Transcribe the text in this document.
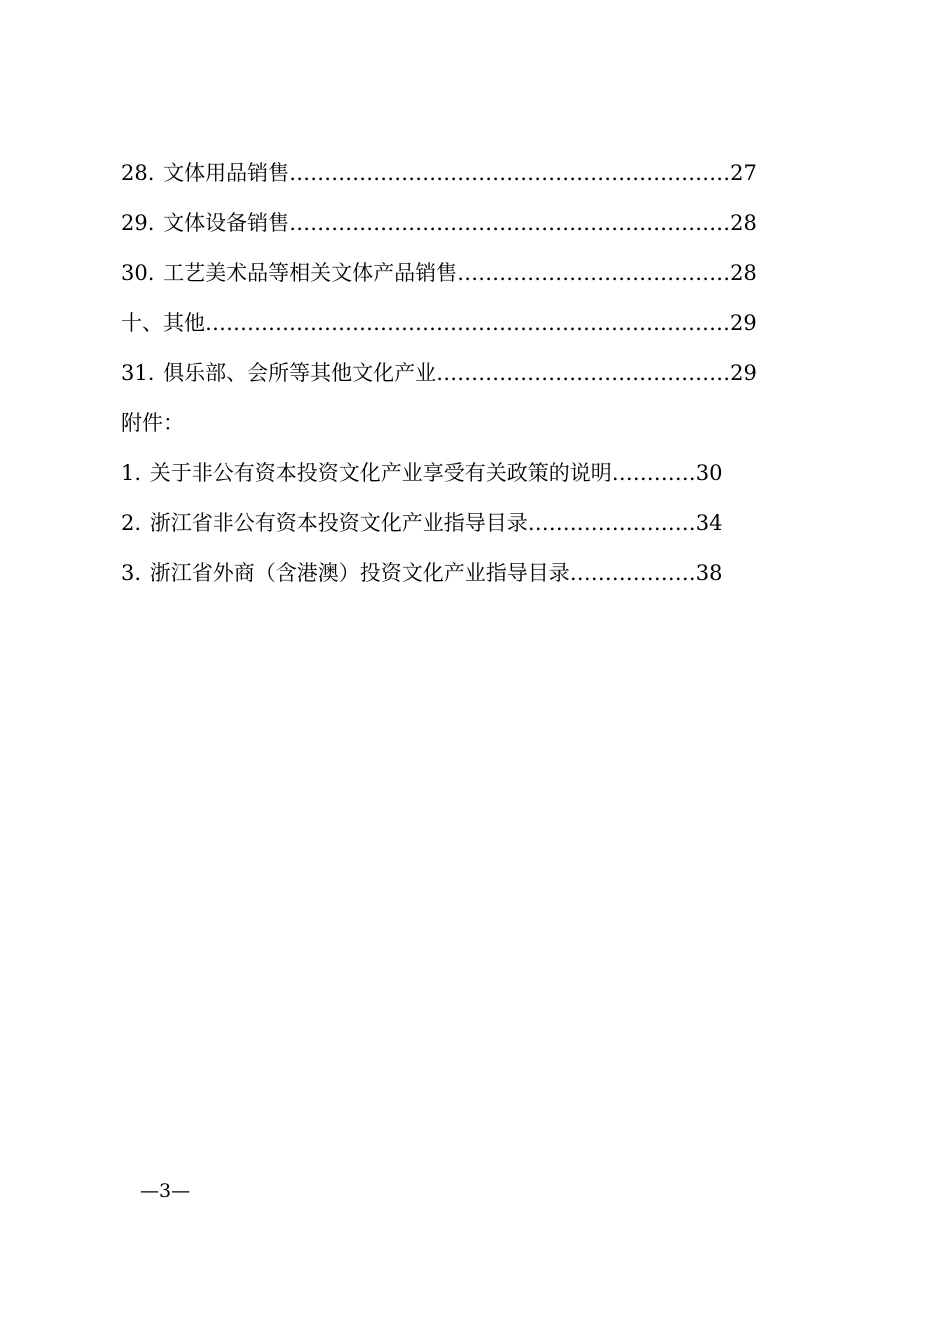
28. 文体用品销售………………………………………………………27
29. 文体设备销售………………………………………………………28
30. 工艺美术品等相关文体产品销售…………………………………28
十、其他…………………………………………………………………29
31. 俱乐部、会所等其他文化产业……………………………………29
附件：
1. 关于非公有资本投资文化产业享受有关政策的说明…………30
2. 浙江省非公有资本投资文化产业指导目录……………………34
3. 浙江省外商（含港澳）投资文化产业指导目录………………38
—3—
